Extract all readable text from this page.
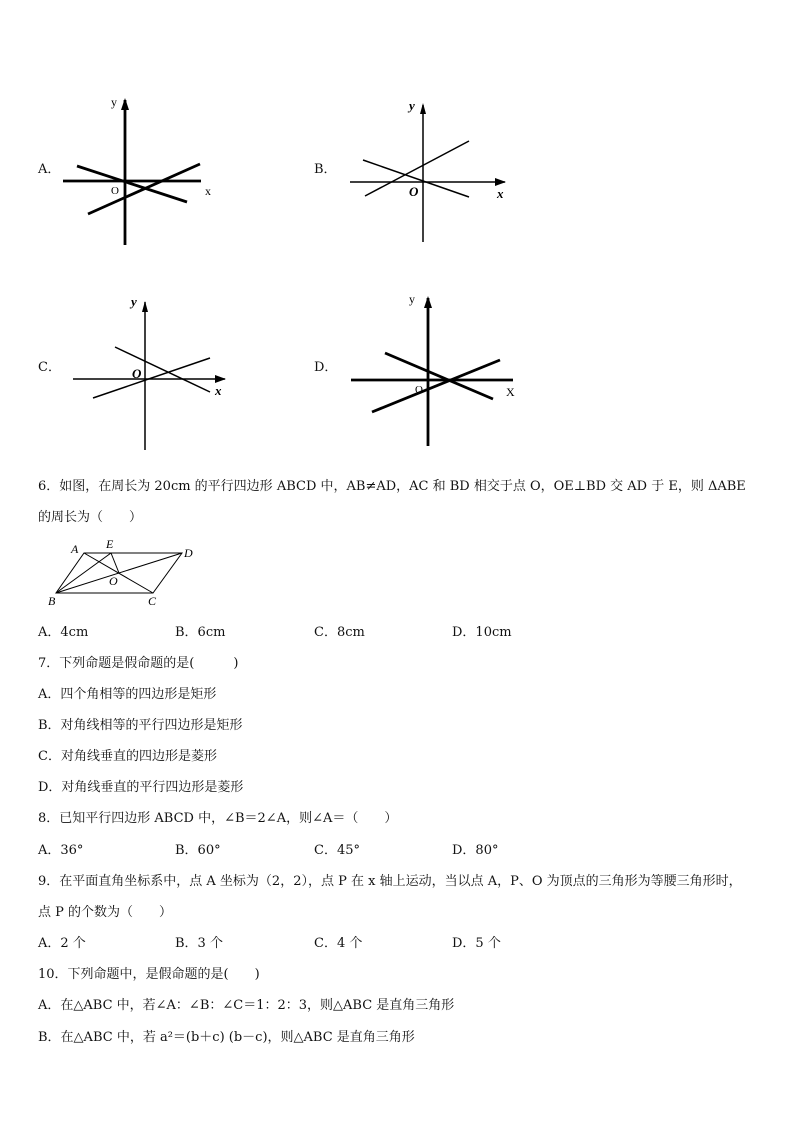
A．	B．
C．	D．
y
O	x
y
O	x
y
O
x
y
O	X
6．如图，在周长为 20cm 的平行四边形 ABCD 中，AB≠AD，AC 和 BD 相交于点 O，OE⊥BD 交 AD 于 E，则 ΔABE
的周长为（　　）
A E
D
O
B	C
A．4cm	B．6cm	C．8cm	D．10cm
7．下列命题是假命题的是(　　　)
A．四个角相等的四边形是矩形
B．对角线相等的平行四边形是矩形
C．对角线垂直的四边形是菱形
D．对角线垂直的平行四边形是菱形
8．已知平行四边形 ABCD 中，∠B＝2∠A，则∠A＝（　　）
A．36°	B．60°	C．45°	D．80°
9．在平面直角坐标系中，点 A 坐标为（2，2），点 P 在 x 轴上运动，当以点 A，P、O 为顶点的三角形为等腰三角形时，
点 P 的个数为（　　）
A．2 个	B．3 个	C．4 个	D．5 个
10．下列命题中，是假命题的是(　　)
A．在△ABC 中，若∠A：∠B：∠C＝1：2：3，则△ABC 是直角三角形
B．在△ABC 中，若 a²＝(b＋c) (b－c)，则△ABC 是直角三角形
